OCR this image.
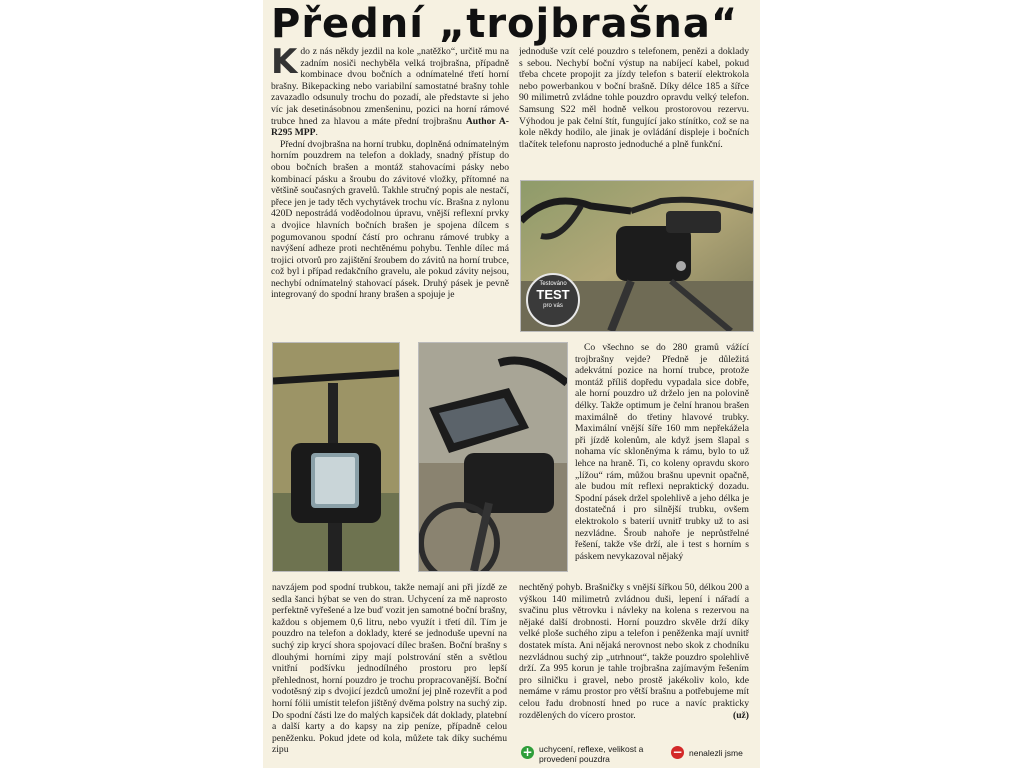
Přední „trojbrašna“

Kdo z nás někdy jezdil na kole „natěžko“, určitě mu na zadním nosiči nechyběla velká trojbrašna, případně kombinace dvou bočních a odnímatelné třetí horní brašny. Bikepacking nebo variabilní samostatné brašny tohle zavazadlo odsunuly trochu do pozadí, ale představte si jeho víc jak desetinásobnou zmenšeninu, pozici na horní rámové trubce hned za hlavou a máte přední trojbrašnu Author A-R295 MPP.

Přední dvojbrašna na horní trubku, doplněná odnímatelným horním pouzdrem na telefon a doklady, snadný přístup do obou bočních brašen a montáž stahovacími pásky nebo kombinací pásku a šroubu do závitové vložky, přítomné na většině současných gravelů. Takhle stručný popis ale nestačí, přece jen je tady těch vychytávek trochu víc. Brašna z nylonu 420D nepostrádá voděodolnou úpravu, vnější reflexní prvky a dvojice hlavních bočních brašen je spojena dílcem s pogumovanou spodní částí pro ochranu rámové trubky a navýšení adheze proti nechtěnému pohybu. Tenhle dílec má trojici otvorů pro zajištění šroubem do závitů na horní trubce, což byl i případ redakčního gravelu, ale pokud závity nejsou, nechybí odnímatelný stahovací pásek. Druhý pásek je pevně integrovaný do spodní hrany brašen a spojuje je

jednoduše vzít celé pouzdro s telefonem, penězi a doklady s sebou. Nechybí boční výstup na nabíjecí kabel, pokud třeba chcete propojit za jízdy telefon s baterií elektrokola nebo powerbankou v boční brašně. Díky délce 185 a šířce 90 milimetrů zvládne tohle pouzdro opravdu velký telefon. Samsung S22 měl hodně velkou prostorovou rezervu. Výhodou je pak čelní štít, fungující jako stínítko, což se na kole někdy hodilo, ale jinak je ovládání displeje i bočních tlačítek telefonu naprosto jednoduché a plně funkční.

Testováno
TEST
pro vás

Co všechno se do 280 gramů vážící trojbrašny vejde? Předně je důležitá adekvátní pozice na horní trubce, protože montáž příliš dopředu vypadala sice dobře, ale horní pouzdro už drželo jen na polovině délky. Takže optimum je čelní hranou brašen maximálně do třetiny hlavové trubky. Maximální vnější šíře 160 mm nepřekážela při jízdě kolenům, ale když jsem šlapal s nohama víc skloněnýma k rámu, bylo to už lehce na hraně. Ti, co koleny opravdu skoro „lížou“ rám, můžou brašnu upevnit opačně, ale budou mít reflexi nepraktický dozadu. Spodní pásek držel spolehlivě a jeho délka je dostatečná i pro silnější trubku, ovšem elektrokolo s baterií uvnitř trubky už to asi nezvládne. Šroub nahoře je neprůstřelné řešení, takže vše drží, ale i test s horním s páskem nevykazoval nějaký

navzájem pod spodní trubkou, takže nemají ani při jízdě ze sedla šanci hýbat se ven do stran. Uchycení za mě naprosto perfektně vyřešené a lze buď vozit jen samotné boční brašny, každou s objemem 0,6 litru, nebo využít i třetí díl. Tím je pouzdro na telefon a doklady, které se jednoduše upevní na suchý zip krycí shora spojovací dílec brašen. Boční brašny s dlouhými horními zipy mají polstrování stěn a světlou vnitřní podšívku jednodílného prostoru pro lepší přehlednost, horní pouzdro je trochu propracovanější. Boční vodotěsný zip s dvojicí jezdců umožní jej plně rozevřít a pod horní fólii umístit telefon jištěný dvěma polstry na suchý zip. Do spodní části lze do malých kapsiček dát doklady, platební a další karty a do kapsy na zip peníze, případně celou peněženku. Pokud jdete od kola, můžete tak díky suchému zipu

nechtěný pohyb. Brašničky s vnější šířkou 50, délkou 200 a výškou 140 milimetrů zvládnou duši, lepení i nářadí a svačinu plus větrovku i návleky na kolena s rezervou na nějaké další drobnosti. Horní pouzdro skvěle drží díky velké ploše suchého zipu a telefon i peněženka mají uvnitř dostatek místa. Ani nějaká nerovnost nebo skok z chodníku nezvládnou suchý zip „utrhnout“, takže pouzdro spolehlivě drží. Za 995 korun je tahle trojbrašna zajímavým řešením pro silničku i gravel, nebo prostě jakékoliv kolo, kde nemáme v rámu prostor pro větší brašnu a potřebujeme mít celou řadu drobností hned po ruce a navíc prakticky rozdělených do vícero prostor.	(už)

+ uchycení, reflexe, velikost a provedení pouzdra	− nenalezli jsme
